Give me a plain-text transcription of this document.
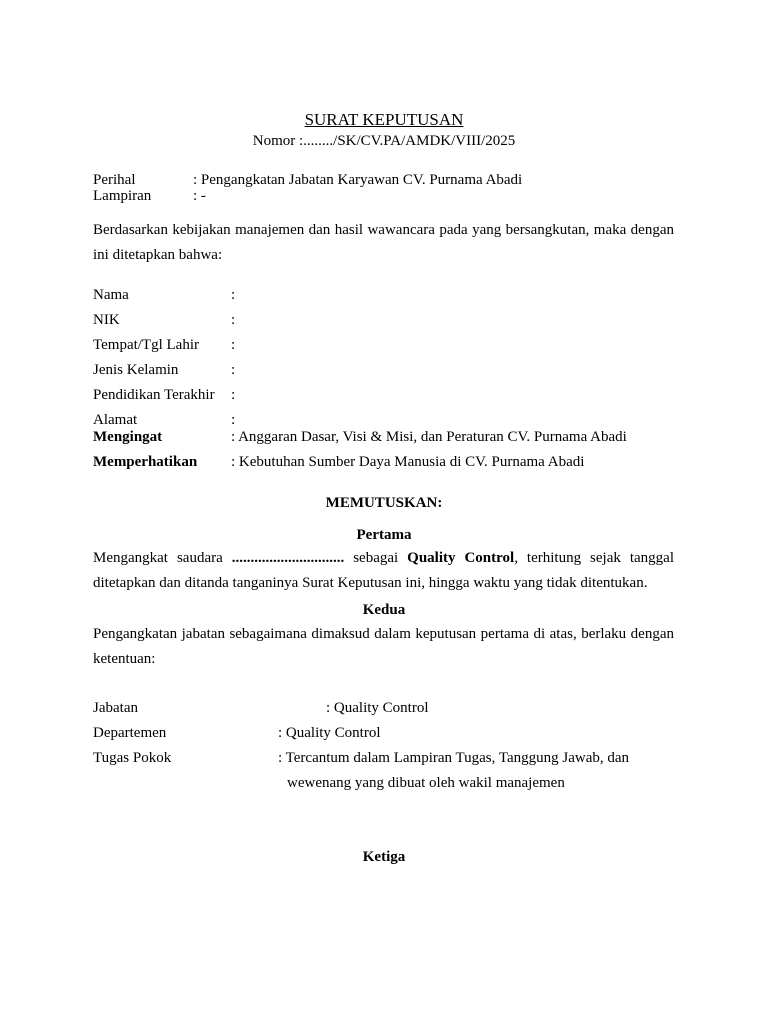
SURAT KEPUTUSAN
Nomor :......../SK/CV.PA/AMDK/VIII/2025
Perihal	: Pengangkatan Jabatan Karyawan CV. Purnama Abadi
Lampiran	: -
Berdasarkan kebijakan manajemen dan hasil wawancara pada yang bersangkutan, maka dengan ini ditetapkan bahwa:
Nama	:
NIK	:
Tempat/Tgl Lahir :
Jenis Kelamin	:
Pendidikan Terakhir :
Alamat	:
Mengingat	: Anggaran Dasar, Visi & Misi, dan Peraturan CV. Purnama Abadi
Memperhatikan : Kebutuhan Sumber Daya Manusia di CV. Purnama Abadi
MEMUTUSKAN:
Pertama
Mengangkat saudara .............................. sebagai Quality Control, terhitung sejak tanggal ditetapkan dan ditanda tanganinya Surat Keputusan ini, hingga waktu yang tidak ditentukan.
Kedua
Pengangkatan jabatan sebagaimana dimaksud dalam keputusan pertama di atas, berlaku dengan ketentuan:
Jabatan	: Quality Control
Departemen	: Quality Control
Tugas Pokok	: Tercantum dalam Lampiran Tugas, Tanggung Jawab, dan
wewenang yang dibuat oleh wakil manajemen
Ketiga
